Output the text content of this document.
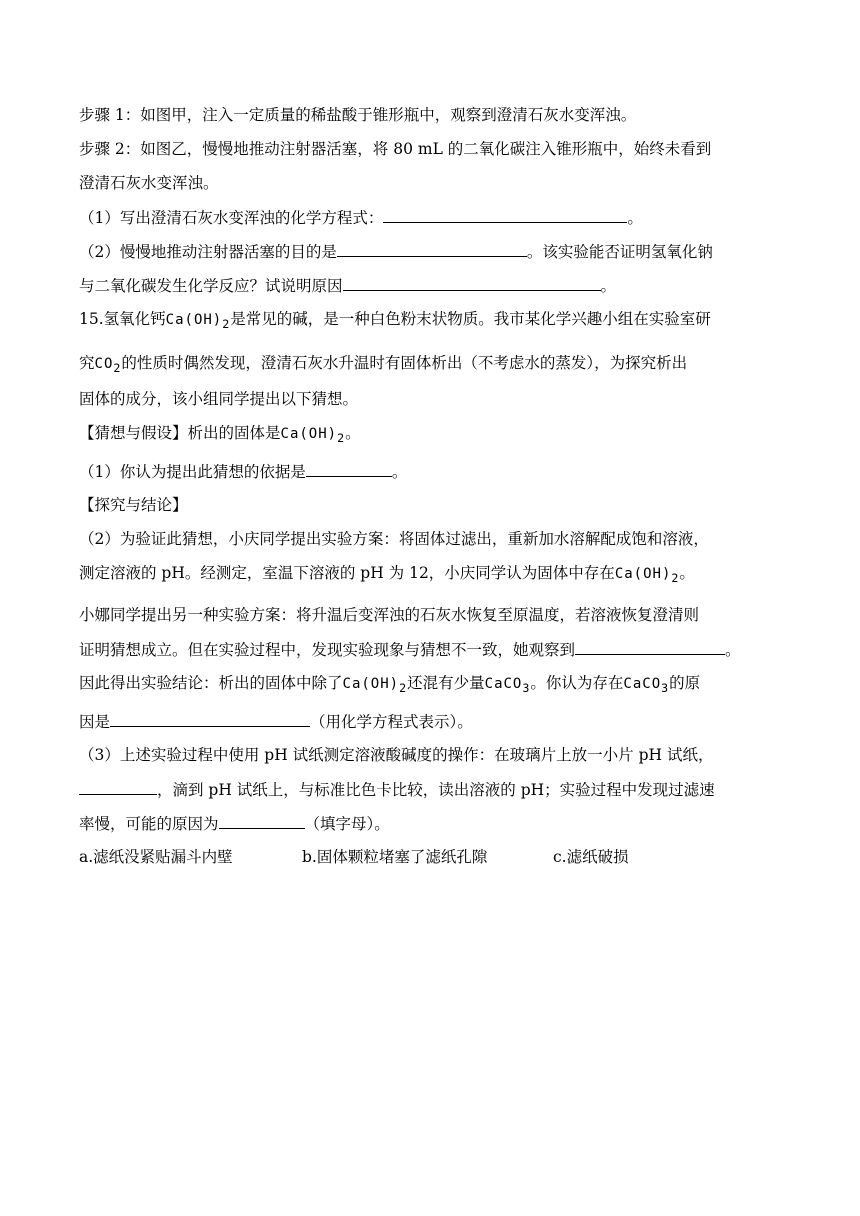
步骤 1：如图甲，注入一定质量的稀盐酸于锥形瓶中，观察到澄清石灰水变浑浊。
步骤 2：如图乙，慢慢地推动注射器活塞，将 80 mL 的二氧化碳注入锥形瓶中，始终未看到
澄清石灰水变浑浊。
（1）写出澄清石灰水变浑浊的化学方程式：	。
（2）慢慢地推动注射器活塞的目的是	。该实验能否证明氢氧化钠
与二氧化碳发生化学反应？试说明原因	。
15.氢氧化钙$Ca(OH)_2$是常见的碱，是一种白色粉末状物质。我市某化学兴趣小组在实验室研
究$CO_2$的性质时偶然发现，澄清石灰水升温时有固体析出（不考虑水的蒸发），为探究析出
固体的成分，该小组同学提出以下猜想。
【猜想与假设】析出的固体是$Ca(OH)_2$。
（1）你认为提出此猜想的依据是	。
【探究与结论】
（2）为验证此猜想，小庆同学提出实验方案：将固体过滤出，重新加水溶解配成饱和溶液，
测定溶液的 pH。经测定，室温下溶液的 pH 为 12，小庆同学认为固体中存在$Ca(OH)_2$。
小娜同学提出另一种实验方案：将升温后变浑浊的石灰水恢复至原温度，若溶液恢复澄清则
证明猜想成立。但在实验过程中，发现实验现象与猜想不一致，她观察到	。
因此得出实验结论：析出的固体中除了$Ca(OH)_2$还混有少量CaCO$_3$。你认为存在CaCO$_3$的原
因是	（用化学方程式表示）。
（3）上述实验过程中使用 pH 试纸测定溶液酸碱度的操作：在玻璃片上放一小片 pH 试纸，
，滴到 pH 试纸上，与标准比色卡比较，读出溶液的 pH；实验过程中发现过滤速
率慢，可能的原因为	（填字母）。
a.滤纸没紧贴漏斗内壁	b.固体颗粒堵塞了滤纸孔隙	c.滤纸破损
